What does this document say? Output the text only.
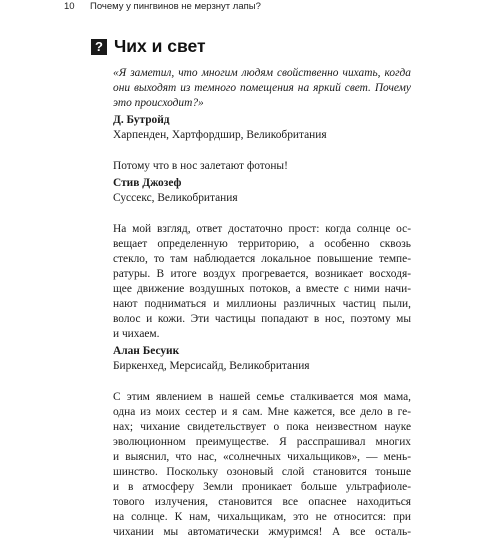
10 Почему у пингвинов не мерзнут лапы?
? Чих и свет
«Я заметил, что многим людям свойственно чихать, когда
они выходят из темного помещения на яркий свет. Почему
это происходит?»
Д. Бутройд
Харпенден, Хартфордшир, Великобритания
Потому что в нос залетают фотоны!
Стив Джозеф
Суссекс, Великобритания
На мой взгляд, ответ достаточно прост: когда солнце ос-
вещает определенную территорию, а особенно сквозь
стекло, то там наблюдается локальное повышение темпе-
ратуры. В итоге воздух прогревается, возникает восходя-
щее движение воздушных потоков, а вместе с ними начи-
нают подниматься и миллионы различных частиц пыли,
волос и кожи. Эти частицы попадают в нос, поэтому мы
и чихаем.
Алан Бесуик
Биркенхед, Мерсисайд, Великобритания
С этим явлением в нашей семье сталкивается моя мама,
одна из моих сестер и я сам. Мне кажется, все дело в ге-
нах; чихание свидетельствует о пока неизвестном науке
эволюционном преимуществе. Я расспрашивал многих
и выяснил, что нас, «солнечных чихальщиков», — мень-
шинство. Поскольку озоновый слой становится тоньше
и в атмосферу Земли проникает больше ультрафиоле-
тового излучения, становится все опаснее находиться
на солнце. К нам, чихальщикам, это не относится: при
чихании мы автоматически жмуримся! А все осталь-
